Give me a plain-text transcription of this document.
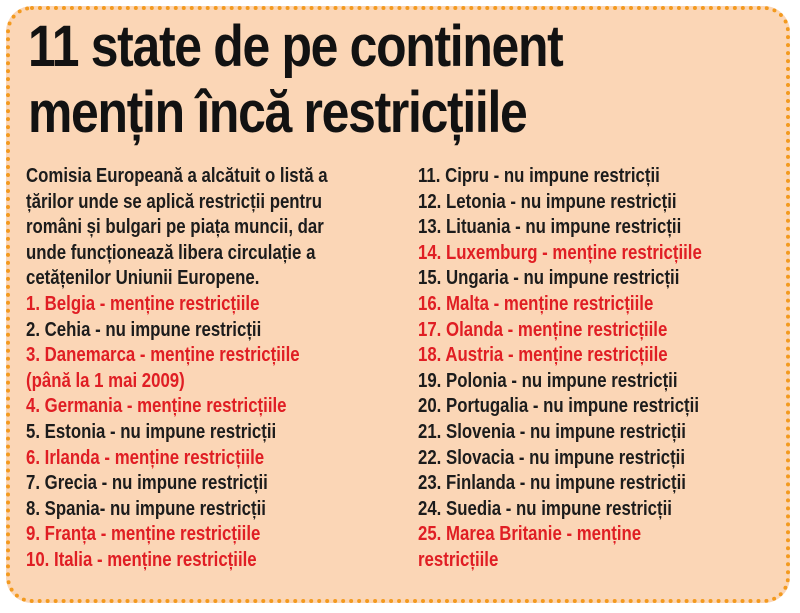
11 state de pe continent
mențin încă restricțiile
Comisia Europeană a alcătuit o listă a
țărilor unde se aplică restricții pentru
români și bulgari pe piața muncii, dar
unde funcționează libera circulație a
cetățenilor Uniunii Europene.
1. Belgia - menține restricțiile
2. Cehia - nu impune restricții
3. Danemarca - menține restricțiile
(până la 1 mai 2009)
4. Germania - menține restricțiile
5. Estonia - nu impune restricții
6. Irlanda - menține restricțiile
7. Grecia - nu impune restricții
8. Spania- nu impune restricții
9. Franța - menține restricțiile
10. Italia - menține restricțiile
11. Cipru - nu impune restricții
12. Letonia - nu impune restricții
13. Lituania - nu impune restricții
14. Luxemburg - menține restricțiile
15. Ungaria - nu impune restricții
16. Malta - menține restricțiile
17. Olanda - menține restricțiile
18. Austria - menține restricțiile
19. Polonia - nu impune restricții
20. Portugalia - nu impune restricții
21. Slovenia - nu impune restricții
22. Slovacia - nu impune restricții
23. Finlanda - nu impune restricții
24. Suedia - nu impune restricții
25. Marea Britanie - menține
restricțiile
